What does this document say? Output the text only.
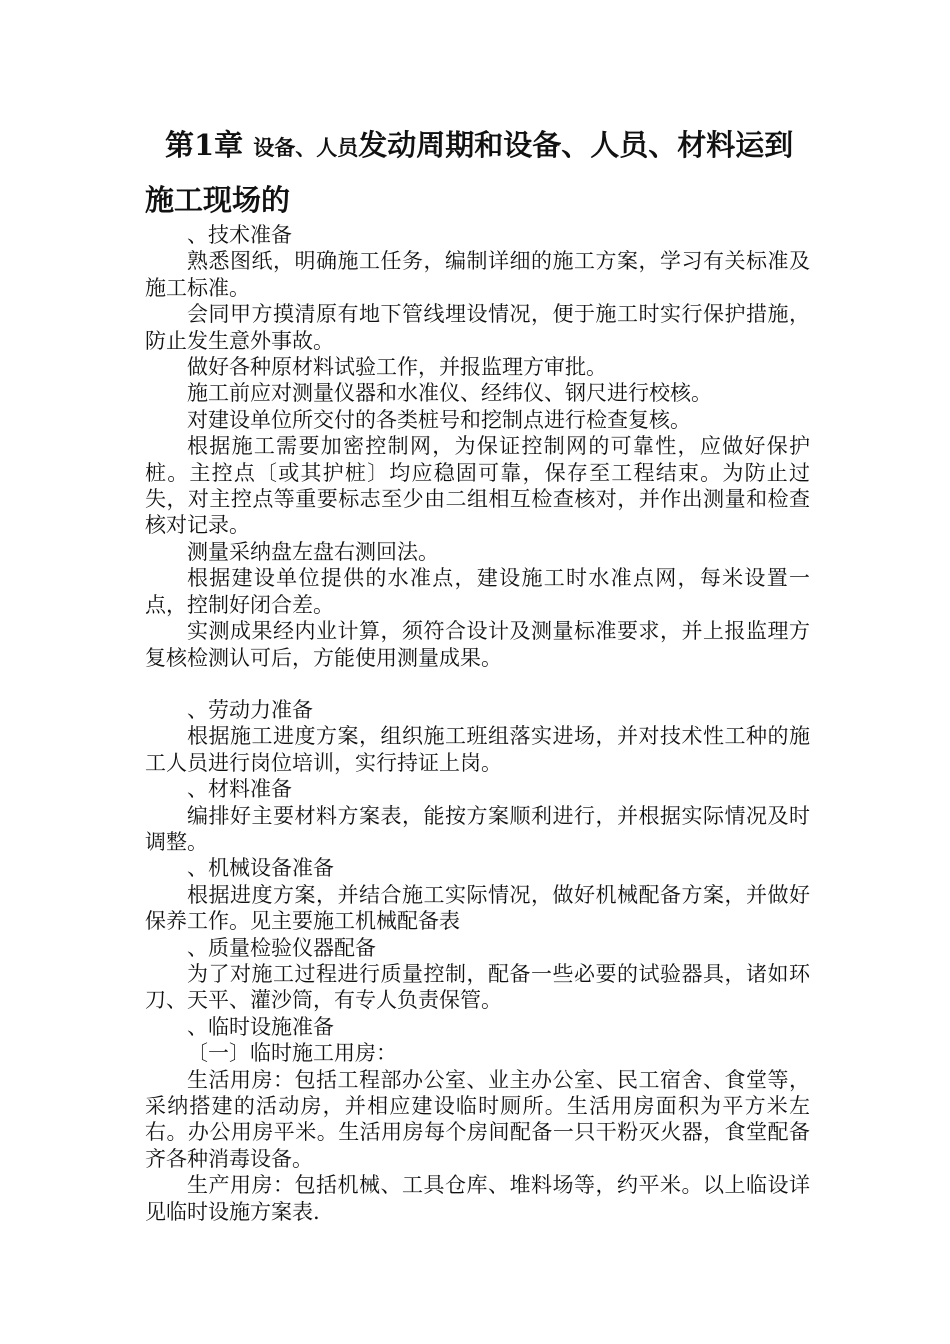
第1章 设备、人员发动周期和设备、人员、材料运到
施工现场的

、技术准备

熟悉图纸，明确施工任务，编制详细的施工方案，学习有关标准及施工标准。

会同甲方摸清原有地下管线埋设情况，便于施工时实行保护措施，防止发生意外事故。

做好各种原材料试验工作，并报监理方审批。

施工前应对测量仪器和水准仪、经纬仪、钢尺进行校核。

对建设单位所交付的各类桩号和挖制点进行检查复核。

根据施工需要加密控制网，为保证控制网的可靠性，应做好保护桩。主控点〔或其护桩〕均应稳固可靠，保存至工程结束。为防止过失，对主控点等重要标志至少由二组相互检查核对，并作出测量和检查核对记录。

测量采纳盘左盘右测回法。

根据建设单位提供的水准点，建设施工时水准点网，每米设置一点，控制好闭合差。

实测成果经内业计算，须符合设计及测量标准要求，并上报监理方复核检测认可后，方能使用测量成果。

、劳动力准备

根据施工进度方案，组织施工班组落实进场，并对技术性工种的施工人员进行岗位培训，实行持证上岗。

、材料准备

编排好主要材料方案表，能按方案顺利进行，并根据实际情况及时调整。

、机械设备准备

根据进度方案，并结合施工实际情况，做好机械配备方案，并做好保养工作。见主要施工机械配备表

、质量检验仪器配备

为了对施工过程进行质量控制，配备一些必要的试验器具，诸如环刀、天平、灌沙筒，有专人负责保管。

、临时设施准备

〔一〕临时施工用房：

生活用房：包括工程部办公室、业主办公室、民工宿舍、食堂等，采纳搭建的活动房，并相应建设临时厕所。生活用房面积为平方米左右。办公用房平米。生活用房每个房间配备一只干粉灭火器，食堂配备齐各种消毒设备。

生产用房：包括机械、工具仓库、堆料场等，约平米。以上临设详见临时设施方案表.
